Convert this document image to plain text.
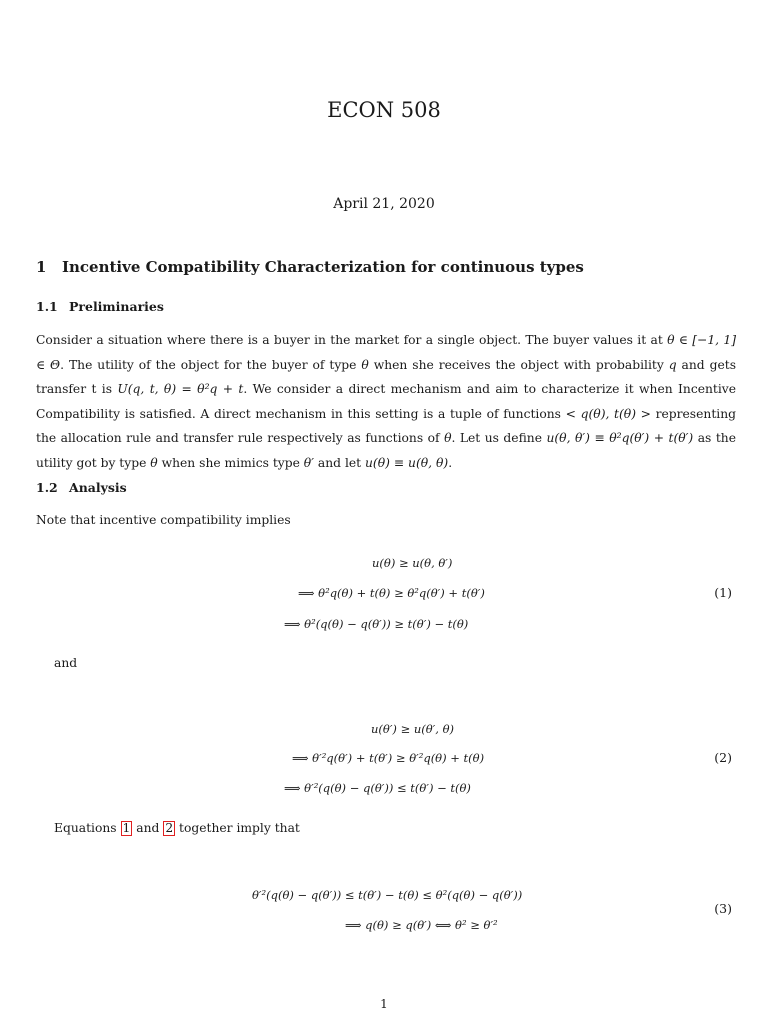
ECON 508
April 21, 2020
1 Incentive Compatibility Characterization for continuous types
1.1 Preliminaries
Consider a situation where there is a buyer in the market for a single object. The buyer values it at θ ∈ [−1, 1] ∈ Θ. The utility of the object for the buyer of type θ when she receives the object with probability q and gets transfer t is U(q, t, θ) = θ²q + t. We consider a direct mechanism and aim to characterize it when Incentive Compatibility is satisfied. A direct mechanism in this setting is a tuple of functions < q(θ), t(θ) > representing the allocation rule and transfer rule respectively as functions of θ. Let us define u(θ, θ′) ≡ θ²q(θ′) + t(θ′) as the utility got by type θ when she mimics type θ′ and let u(θ) ≡ u(θ, θ).
1.2 Analysis
Note that incentive compatibility implies
u(θ) ≥ u(θ, θ′)
⟹ θ²q(θ) + t(θ) ≥ θ²q(θ′) + t(θ′)
⟹ θ²(q(θ) − q(θ′)) ≥ t(θ′) − t(θ)
(1)
and
u(θ′) ≥ u(θ′, θ)
⟹ θ′²q(θ′) + t(θ′) ≥ θ′²q(θ) + t(θ)
⟹ θ′²(q(θ) − q(θ′)) ≤ t(θ′) − t(θ)
(2)
Equations 1 and 2 together imply that
θ′²(q(θ) − q(θ′)) ≤ t(θ′) − t(θ) ≤ θ²(q(θ) − q(θ′))
⟹ q(θ) ≥ q(θ′) ⟺ θ² ≥ θ′²
(3)
1
